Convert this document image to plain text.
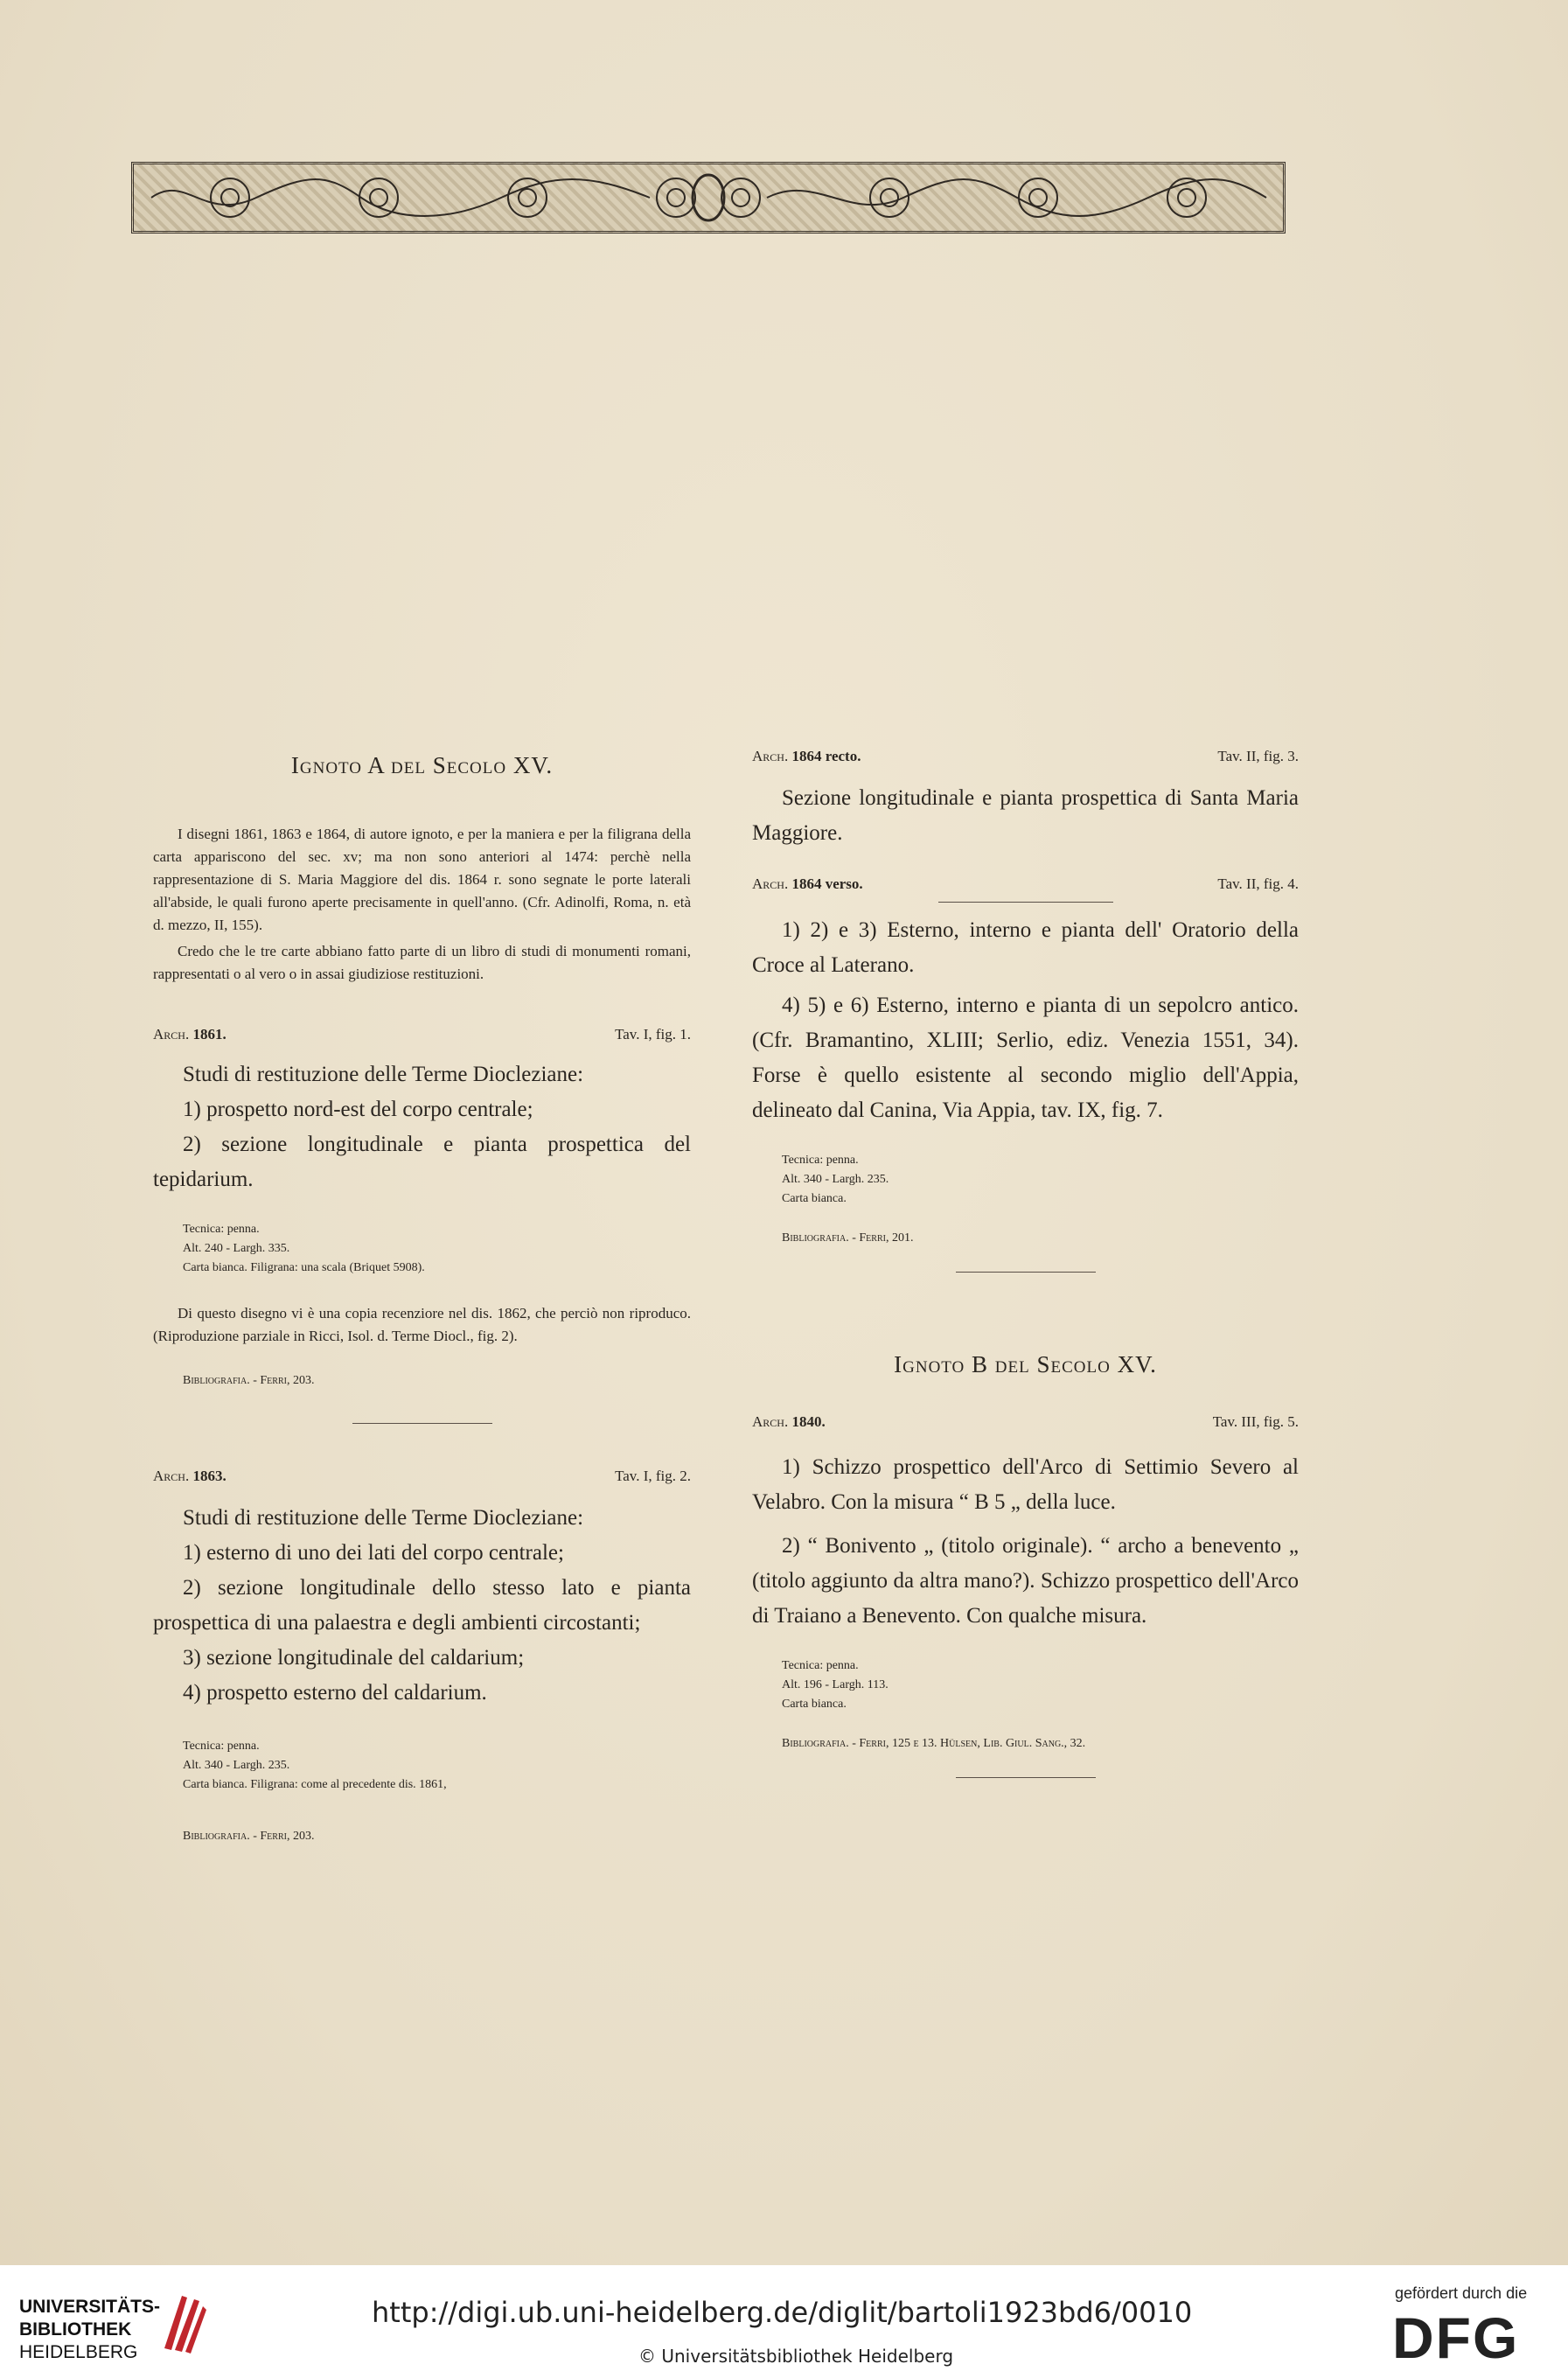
Ignoto A del Secolo XV.

I disegni 1861, 1863 e 1864, di autore ignoto, e per la maniera e per la filigrana della carta appariscono del sec. xv; ma non sono anteriori al 1474: perchè nella rappresentazione di S. Maria Maggiore del dis. 1864 r. sono segnate le porte laterali all'abside, le quali furono aperte precisamente in quell'anno. (Cfr. Adinolfi, Roma, n. età d. mezzo, II, 155).

Credo che le tre carte abbiano fatto parte di un libro di studi di monumenti romani, rappresentati o al vero o in assai giudiziose restituzioni.

Arch. 1861.	Tav. I, fig. 1.
Studi di restituzione delle Terme Diocleziane:
1) prospetto nord-est del corpo centrale;
2) sezione longitudinale e pianta prospettica del tepidarium.
Tecnica: penna.
Alt. 240 - Largh. 335.
Carta bianca. Filigrana: una scala (Briquet 5908).

Di questo disegno vi è una copia recenziore nel dis. 1862, che perciò non riproduco. (Riproduzione parziale in Ricci, Isol. d. Terme Diocl., fig. 2).

Bibliografia. - Ferri, 203.
Arch. 1863.	Tav. I, fig. 2.
Studi di restituzione delle Terme Diocleziane:
1) esterno di uno dei lati del corpo centrale;
2) sezione longitudinale dello stesso lato e pianta prospettica di una palaestra e degli ambienti circostanti;
3) sezione longitudinale del caldarium;
4) prospetto esterno del caldarium.
Tecnica: penna.
Alt. 340 - Largh. 235.
Carta bianca. Filigrana: come al precedente dis. 1861,
Bibliografia. - Ferri, 203.
Arch. 1864 recto.	Tav. II, fig. 3.
Sezione longitudinale e pianta prospettica di Santa Maria Maggiore.
Arch. 1864 verso.	Tav. II, fig. 4.
1) 2) e 3) Esterno, interno e pianta dell' Oratorio della Croce al Laterano.
4) 5) e 6) Esterno, interno e pianta di un sepolcro antico. (Cfr. Bramantino, XLIII; Serlio, ediz. Venezia 1551, 34). Forse è quello esistente al secondo miglio dell'Appia, delineato dal Canina, Via Appia, tav. IX, fig. 7.
Tecnica: penna.
Alt. 340 - Largh. 235.
Carta bianca.
Bibliografia. - Ferri, 201.
Ignoto B del Secolo XV.
Arch. 1840.	Tav. III, fig. 5.
1) Schizzo prospettico dell'Arco di Settimio Severo al Velabro. Con la misura “ B 5 „ della luce.
2) “ Bonivento „ (titolo originale). “ archo a benevento „ (titolo aggiunto da altra mano?). Schizzo prospettico dell'Arco di Traiano a Benevento. Con qualche misura.
Tecnica: penna.
Alt. 196 - Largh. 113.
Carta bianca.
Bibliografia. - Ferri, 125 e 13. Hülsen, Lib. Giul. Sang., 32.
UNIVERSITÄTS-
BIBLIOTHEK
HEIDELBERG
http://digi.ub.uni-heidelberg.de/diglit/bartoli1923bd6/0010
© Universitätsbibliothek Heidelberg
gefördert durch die
DFG
